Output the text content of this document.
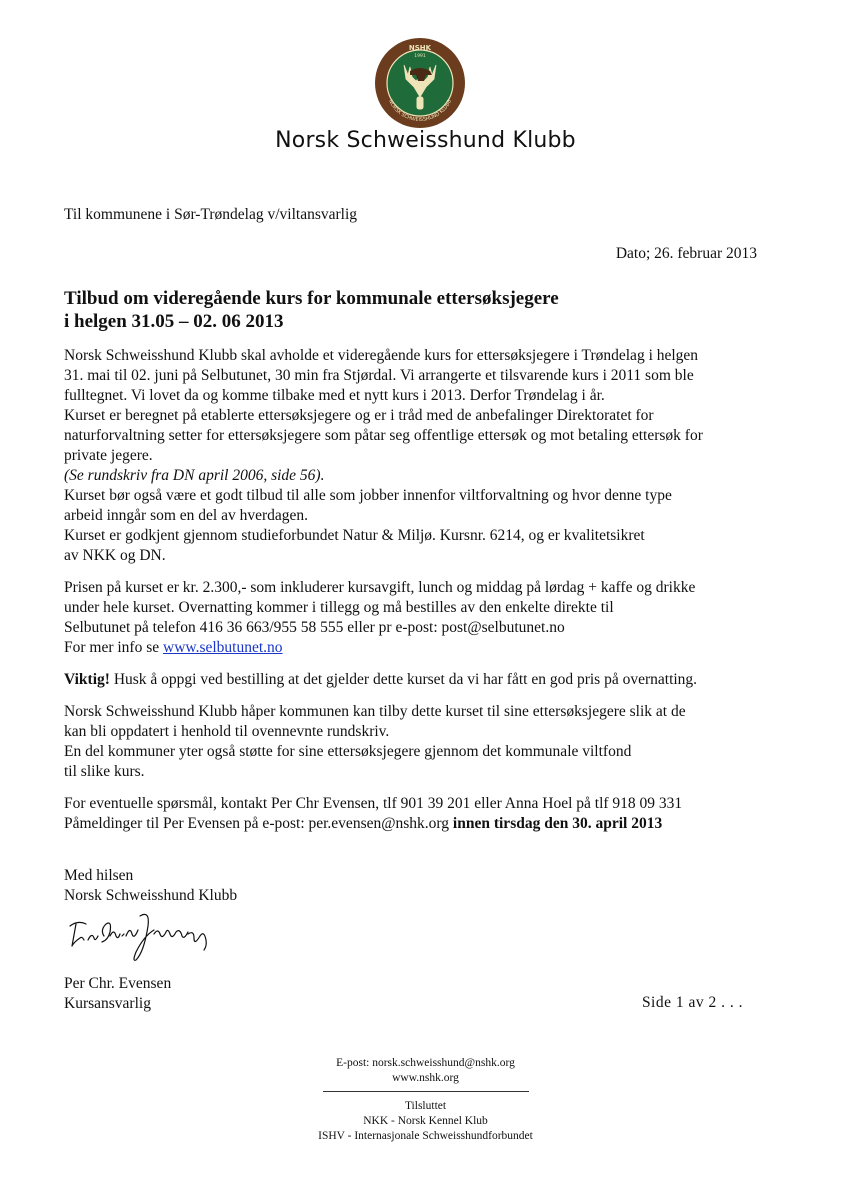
NSHK
1991
NORSK SCHWEISSHUND KLUBB
Norsk Schweisshund Klubb
Til kommunene i Sør-Trøndelag v/viltansvarlig
Dato; 26. februar 2013
Tilbud om videregående kurs for kommunale ettersøksjegere
i helgen 31.05 – 02. 06 2013

Norsk Schweisshund Klubb skal avholde et videregående kurs for ettersøksjegere i Trøndelag i helgen
31. mai til 02. juni på Selbutunet, 30 min fra Stjørdal. Vi arrangerte et tilsvarende kurs i 2011 som ble
fulltegnet. Vi lovet da og komme tilbake med et nytt kurs i 2013. Derfor Trøndelag i år.
Kurset er beregnet på etablerte ettersøksjegere og er i tråd med de anbefalinger Direktoratet for
naturforvaltning setter for ettersøksjegere som påtar seg offentlige ettersøk og mot betaling ettersøk for
private jegere.
(Se rundskriv fra DN april 2006, side 56).
Kurset bør også være et godt tilbud til alle som jobber innenfor viltforvaltning og hvor denne type
arbeid inngår som en del av hverdagen.
Kurset er godkjent gjennom studieforbundet Natur & Miljø. Kursnr. 6214, og er kvalitetsikret
av NKK og DN.

Prisen på kurset er kr. 2.300,- som inkluderer kursavgift, lunch og middag på lørdag + kaffe og drikke
under hele kurset. Overnatting kommer i tillegg og må bestilles av den enkelte direkte til
Selbutunet på telefon 416 36 663/955 58 555 eller pr e-post: post@selbutunet.no
For mer info se www.selbutunet.no

Viktig! Husk å oppgi ved bestilling at det gjelder dette kurset da vi har fått en god pris på overnatting.

Norsk Schweisshund Klubb håper kommunen kan tilby dette kurset til sine ettersøksjegere slik at de
kan bli oppdatert i henhold til ovennevnte rundskriv.
En del kommuner yter også støtte for sine ettersøksjegere gjennom det kommunale viltfond
til slike kurs.

For eventuelle spørsmål, kontakt Per Chr Evensen, tlf 901 39 201 eller Anna Hoel på tlf 918 09 331
Påmeldinger til Per Evensen på e-post: per.evensen@nshk.org innen tirsdag den 30. april 2013

Med hilsen
Norsk Schweisshund Klubb
Per Chr. Evensen
Kursansvarlig	Side 1 av 2 . . .
E-post: norsk.schweisshund@nshk.org
www.nshk.org
Tilsluttet
NKK - Norsk Kennel Klub
ISHV - Internasjonale Schweisshundforbundet
